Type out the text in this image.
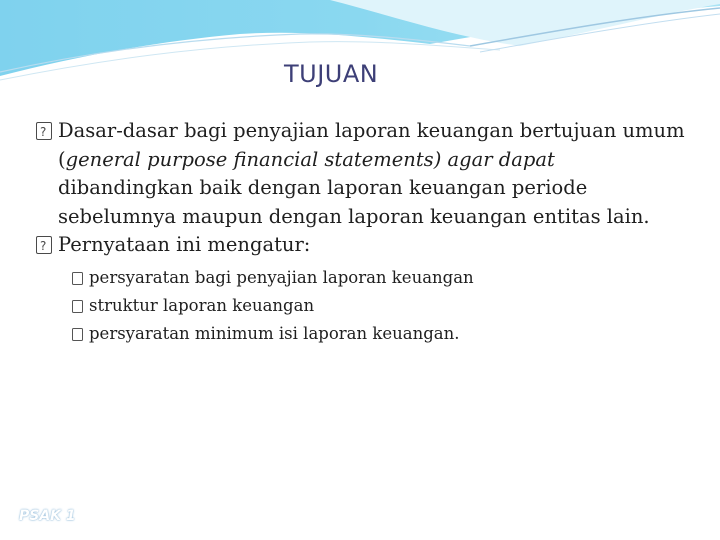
TUJUAN
?
Dasar-dasar bagi penyajian laporan keuangan bertujuan umum (general purpose financial statements) agar dapat dibandingkan baik dengan laporan keuangan periode sebelumnya maupun dengan laporan keuangan entitas lain.
?
Pernyataan ini mengatur:
persyaratan bagi penyajian laporan keuangan
struktur laporan keuangan
persyaratan minimum isi laporan keuangan.
PSAK 1
